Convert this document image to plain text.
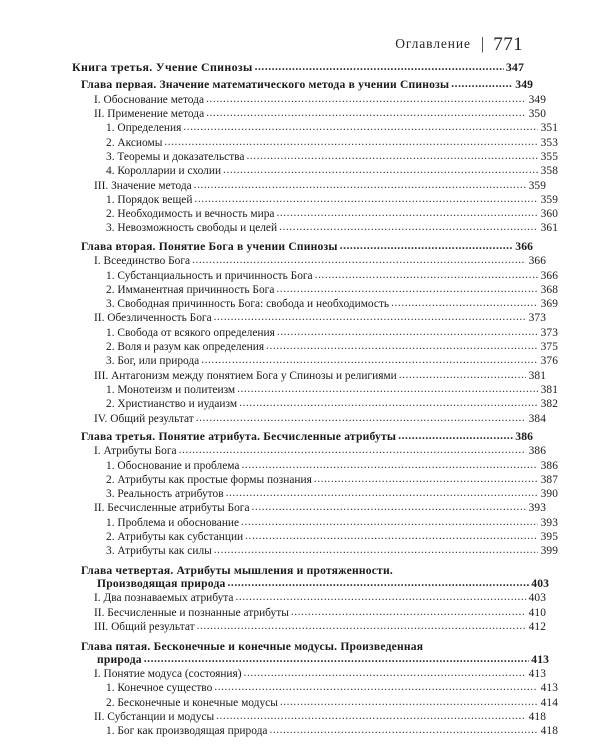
Оглавление | 771
Книга третья. Учение Спинозы .....	347
Глава первая. Значение математического метода в учении Спинозы .....	349
I. Обоснование метода .....	349
II. Применение метода .....	350
1. Определения .....	351
2. Аксиомы .....	353
3. Теоремы и доказательства .....	355
4. Королларии и схолии .....	358
III. Значение метода .....	359
1. Порядок вещей .....	359
2. Необходимость и вечность мира .....	360
3. Невозможность свободы и целей .....	361
Глава вторая. Понятие Бога в учении Спинозы .....	366
I. Всеединство Бога .....	366
1. Субстанциальность и причинность Бога .....	366
2. Имманентная причинность Бога .....	368
3. Свободная причинность Бога: свобода и необходимость .....	369
II. Обезличенность Бога .....	373
1. Свобода от всякого определения .....	373
2. Воля и разум как определения .....	375
3. Бог, или природа .....	376
III. Антагонизм между понятием Бога у Спинозы и религиями .....	381
1. Монотеизм и политеизм .....	381
2. Христианство и иудаизм .....	382
IV. Общий результат .....	384
Глава третья. Понятие атрибута. Бесчисленные атрибуты .....	386
I. Атрибуты Бога .....	386
1. Обоснование и проблема .....	386
2. Атрибуты как простые формы познания .....	387
3. Реальность атрибутов .....	390
II. Бесчисленные атрибуты Бога .....	393
1. Проблема и обоснование .....	393
2. Атрибуты как субстанции .....	395
3. Атрибуты как силы .....	399
Глава четвертая. Атрибуты мышления и протяженности.
Производящая природа .....	403
I. Два познаваемых атрибута .....	403
II. Бесчисленные и познанные атрибуты .....	410
III. Общий результат .....	412
Глава пятая. Бесконечные и конечные модусы. Произведенная
природа .....	413
I. Понятие модуса (состояния) .....	413
1. Конечное существо .....	413
2. Бесконечные и конечные модусы .....	414
II. Субстанции и модусы .....	418
1. Бог как производящая природа .....	418
